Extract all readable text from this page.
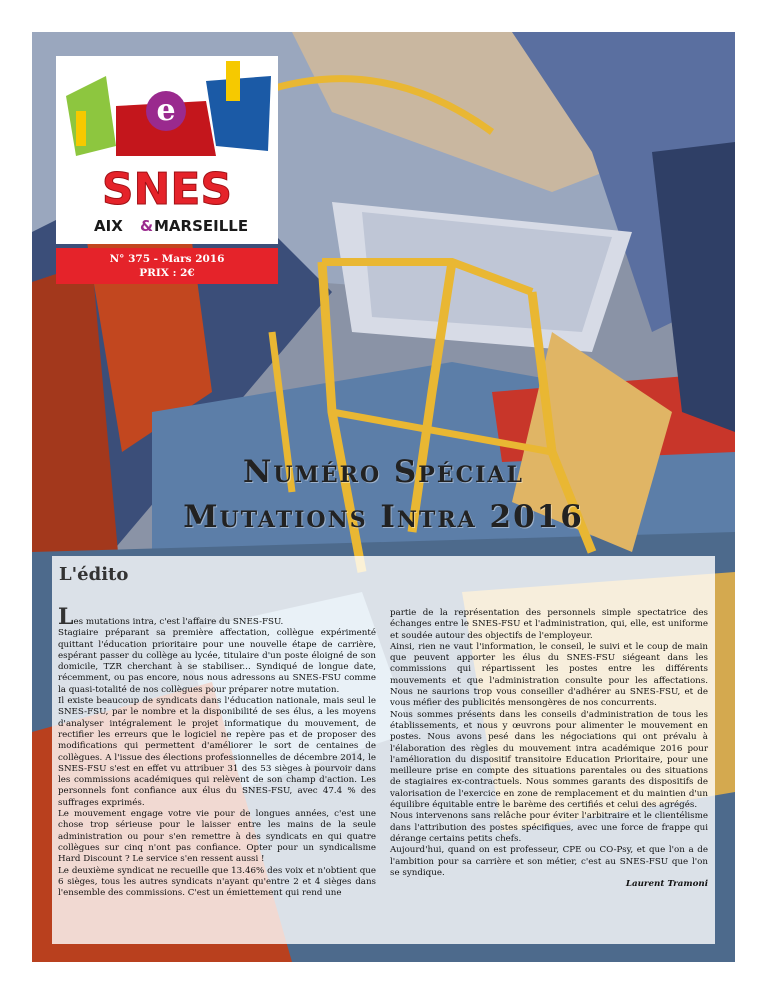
e
SNES
AIX & MARSEILLE
N° 375 - Mars 2016
PRIX : 2€
Numéro Spécial
Mutations Intra 2016
L'édito

Les mutations intra, c'est l'affaire du SNES-FSU.

Stagiaire préparant sa première affectation, collègue expérimenté quittant l'éducation prioritaire pour une nouvelle étape de carrière, espérant passer du collège au lycée, titulaire d'un poste éloigné de son domicile, TZR cherchant à se stabiliser... Syndiqué de longue date, récemment, ou pas encore, nous nous adressons au SNES-FSU comme la quasi-totalité de nos collègues pour préparer notre mutation.

Il existe beaucoup de syndicats dans l'éducation nationale, mais seul le SNES-FSU, par le nombre et la disponibilité de ses élus, a les moyens d'analyser intégralement le projet informatique du mouvement, de rectifier les erreurs que le logiciel ne repère pas et de proposer des modifications qui permettent d'améliorer le sort de centaines de collègues. A l'issue des élections professionnelles de décembre 2014, le SNES-FSU s'est en effet vu attribuer 31 des 53 sièges à pourvoir dans les commissions académiques qui relèvent de son champ d'action. Les personnels font confiance aux élus du SNES-FSU, avec 47.4 % des suffrages exprimés.

Le mouvement engage votre vie pour de longues années, c'est une chose trop sérieuse pour le laisser entre les mains de la seule administration ou pour s'en remettre à des syndicats en qui quatre collègues sur cinq n'ont pas confiance. Opter pour un syndicalisme Hard Discount ? Le service s'en ressent aussi !

Le deuxième syndicat ne recueille que 13.46% des voix et n'obtient que 6 sièges, tous les autres syndicats n'ayant qu'entre 2 et 4 sièges dans l'ensemble des commissions. C'est un émiettement qui rend une

partie de la représentation des personnels simple spectatrice des échanges entre le SNES-FSU et l'administration, qui, elle, est uniforme et soudée autour des objectifs de l'employeur.

Ainsi, rien ne vaut l'information, le conseil, le suivi et le coup de main que peuvent apporter les élus du SNES-FSU siégeant dans les commissions qui répartissent les postes entre les différents mouvements et que l'administration consulte pour les affectations. Nous ne saurions trop vous conseiller d'adhérer au SNES-FSU, et de vous méfier des publicités mensongères de nos concurrents.

Nous sommes présents dans les conseils d'administration de tous les établissements, et nous y œuvrons pour alimenter le mouvement en postes. Nous avons pesé dans les négociations qui ont prévalu à l'élaboration des règles du mouvement intra académique 2016 pour l'amélioration du dispositif transitoire Education Prioritaire, pour une meilleure prise en compte des situations parentales ou des situations de stagiaires ex-contractuels. Nous sommes garants des dispositifs de valorisation de l'exercice en zone de remplacement et du maintien d'un équilibre équitable entre le barème des certifiés et celui des agrégés.

Nous intervenons sans relâche pour éviter l'arbitraire et le clientélisme dans l'attribution des postes spécifiques, avec une force de frappe qui dérange certains petits chefs.

Aujourd'hui, quand on est professeur, CPE ou CO-Psy, et que l'on a de l'ambition pour sa carrière et son métier, c'est au SNES-FSU que l'on se syndique.

Laurent Tramoni
